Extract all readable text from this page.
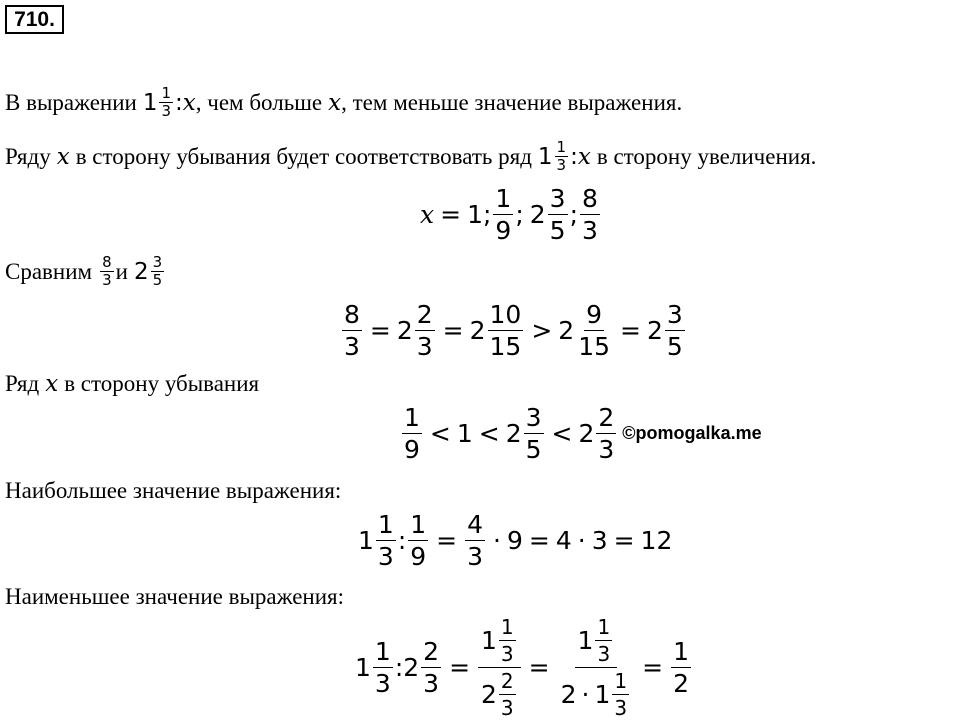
710.
В выражении $1 \frac{1}{3}$ : x , чем больше x , тем меньше значение выражения.
Ряду x в сторону убывания будет соответствовать ряд $1 \frac{1}{3}$ : x в сторону увеличения.
x = 1; $\frac{1}{9}$ ; $2 \frac{3}{5}$ ; $\frac{8}{3}$
Сравним $\frac{8}{3}$ и $2 \frac{3}{5}$
$\frac{8}{3} = 2 \frac{2}{3} = 2 \frac{10}{15} > 2 \frac{9}{15} = 2 \frac{3}{5}$
Ряд x в сторону убывания
$\frac{1}{9} < 1 < 2 \frac{3}{5} < 2 \frac{2}{3}$ ©pomogalka.me
Наибольшее значение выражения:
$1 \frac{1}{3}$ : $\frac{1}{9} = \frac{4}{3} \cdot 9 = 4 \cdot 3 = 12$
Наименьшее значение выражения:
$1 \frac{1}{3}$ : $2 \frac{2}{3} = \frac{1 \frac{1}{3}}{2 \frac{2}{3}} = \frac{1 \frac{1}{3}}{2 \cdot 1 \frac{1}{3}} = \frac{1}{2}$
